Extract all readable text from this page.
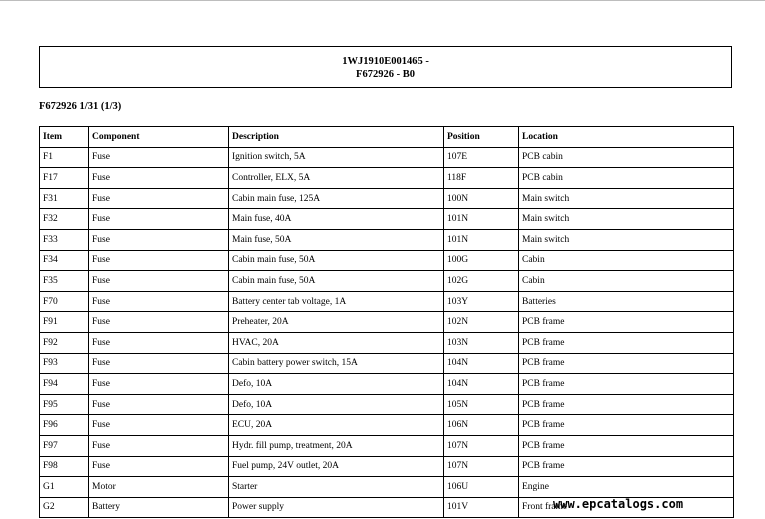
1WJ1910E001465 -
F672926 - B0
F672926 1/31 (1/3)
Item	Component	Description	Position	Location
F1	Fuse	Ignition switch, 5A	107E	PCB cabin
F17	Fuse	Controller, ELX, 5A	118F	PCB cabin
F31	Fuse	Cabin main fuse, 125A	100N	Main switch
F32	Fuse	Main fuse, 40A	101N	Main switch
F33	Fuse	Main fuse, 50A	101N	Main switch
F34	Fuse	Cabin main fuse, 50A	100G	Cabin
F35	Fuse	Cabin main fuse, 50A	102G	Cabin
F70	Fuse	Battery center tab voltage, 1A	103Y	Batteries
F91	Fuse	Preheater, 20A	102N	PCB frame
F92	Fuse	HVAC, 20A	103N	PCB frame
F93	Fuse	Cabin battery power switch, 15A	104N	PCB frame
F94	Fuse	Defo, 10A	104N	PCB frame
F95	Fuse	Defo, 10A	105N	PCB frame
F96	Fuse	ECU, 20A	106N	PCB frame
F97	Fuse	Hydr. fill pump, treatment, 20A	107N	PCB frame
F98	Fuse	Fuel pump, 24V outlet, 20A	107N	PCB frame
G1	Motor	Starter	106U	Engine
G2	Battery	Power supply	101V	Front frame
www.epcatalogs.com
